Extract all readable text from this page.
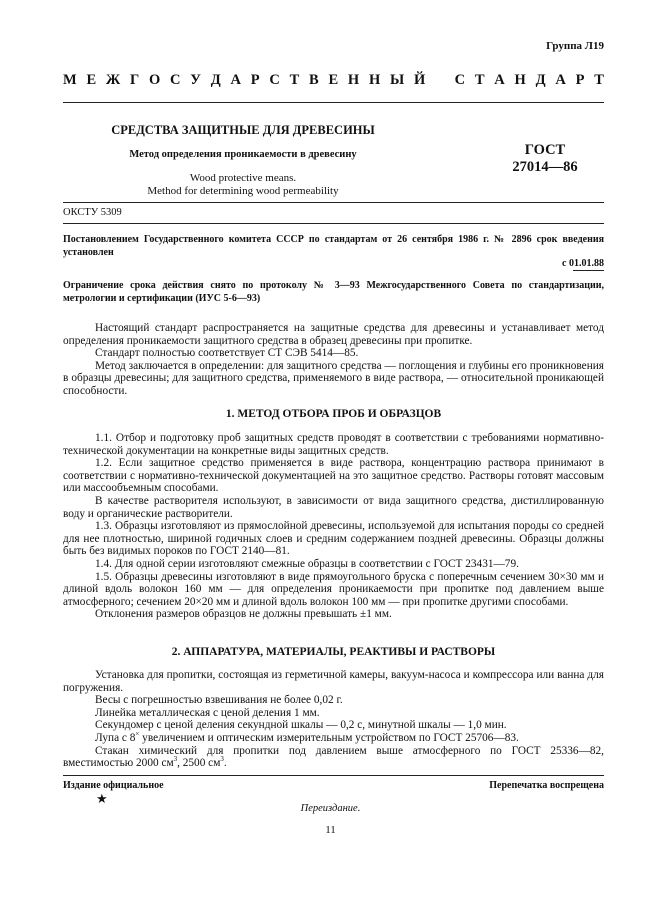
Группа Л19
М Е Ж Г О С У Д А Р С Т В Е Н Н Ы Й С Т А Н Д А Р Т
СРЕДСТВА ЗАЩИТНЫЕ ДЛЯ ДРЕВЕСИНЫ
Метод определения проникаемости в древесину
Wood protective means.
Method for determining wood permeability
ГОСТ
27014—86
ОКСТУ 5309
Постановлением Государственного комитета СССР по стандартам от 26 сентября 1986 г. № 2896 срок введения установлен
с 01.01.88
Ограничение срока действия снято по протоколу № 3—93 Межгосударственного Совета по стандартизации, метрологии и сертификации (ИУС 5-6—93)

Настоящий стандарт распространяется на защитные средства для древесины и устанавливает метод определения проникаемости защитного средства в образец древесины при пропитке.

Стандарт полностью соответствует СТ СЭВ 5414—85.

Метод заключается в определении: для защитного средства — поглощения и глубины его проникновения в образцы древесины; для защитного средства, применяемого в виде раствора, — относительной проникающей способности.

1. МЕТОД ОТБОРА ПРОБ И ОБРАЗЦОВ

1.1. Отбор и подготовку проб защитных средств проводят в соответствии с требованиями нормативно-технической документации на конкретные виды защитных средств.

1.2. Если защитное средство применяется в виде раствора, концентрацию раствора принимают в соответствии с нормативно-технической документацией на это защитное средство. Растворы готовят массовым или массообъемным способами.

В качестве растворителя используют, в зависимости от вида защитного средства, дистиллированную воду и органические растворители.

1.3. Образцы изготовляют из прямослойной древесины, используемой для испытания породы со средней для нее плотностью, шириной годичных слоев и средним содержанием поздней древесины. Образцы должны быть без видимых пороков по ГОСТ 2140—81.

1.4. Для одной серии изготовляют смежные образцы в соответствии с ГОСТ 23431—79.

1.5. Образцы древесины изготовляют в виде прямоугольного бруска с поперечным сечением 30×30 мм и длиной вдоль волокон 160 мм — для определения проникаемости при пропитке под давлением выше атмосферного; сечением 20×20 мм и длиной вдоль волокон 100 мм — при пропитке другими способами.

Отклонения размеров образцов не должны превышать ±1 мм.

2. АППАРАТУРА, МАТЕРИАЛЫ, РЕАКТИВЫ И РАСТВОРЫ

Установка для пропитки, состоящая из герметичной камеры, вакуум-насоса и компрессора или ванна для погружения.

Весы с погрешностью взвешивания не более 0,02 г.

Линейка металлическая с ценой деления 1 мм.

Секундомер с ценой деления секундной шкалы — 0,2 с, минутной шкалы — 1,0 мин.

Лупа с 8× увеличением и оптическим измерительным устройством по ГОСТ 25706—83.

Стакан химический для пропитки под давлением выше атмосферного по ГОСТ 25336—82, вместимостью 2000 $см^3$, 2500 $см^3$.

Издание официальное
★
Перепечатка воспрещена
Переиздание.
11
